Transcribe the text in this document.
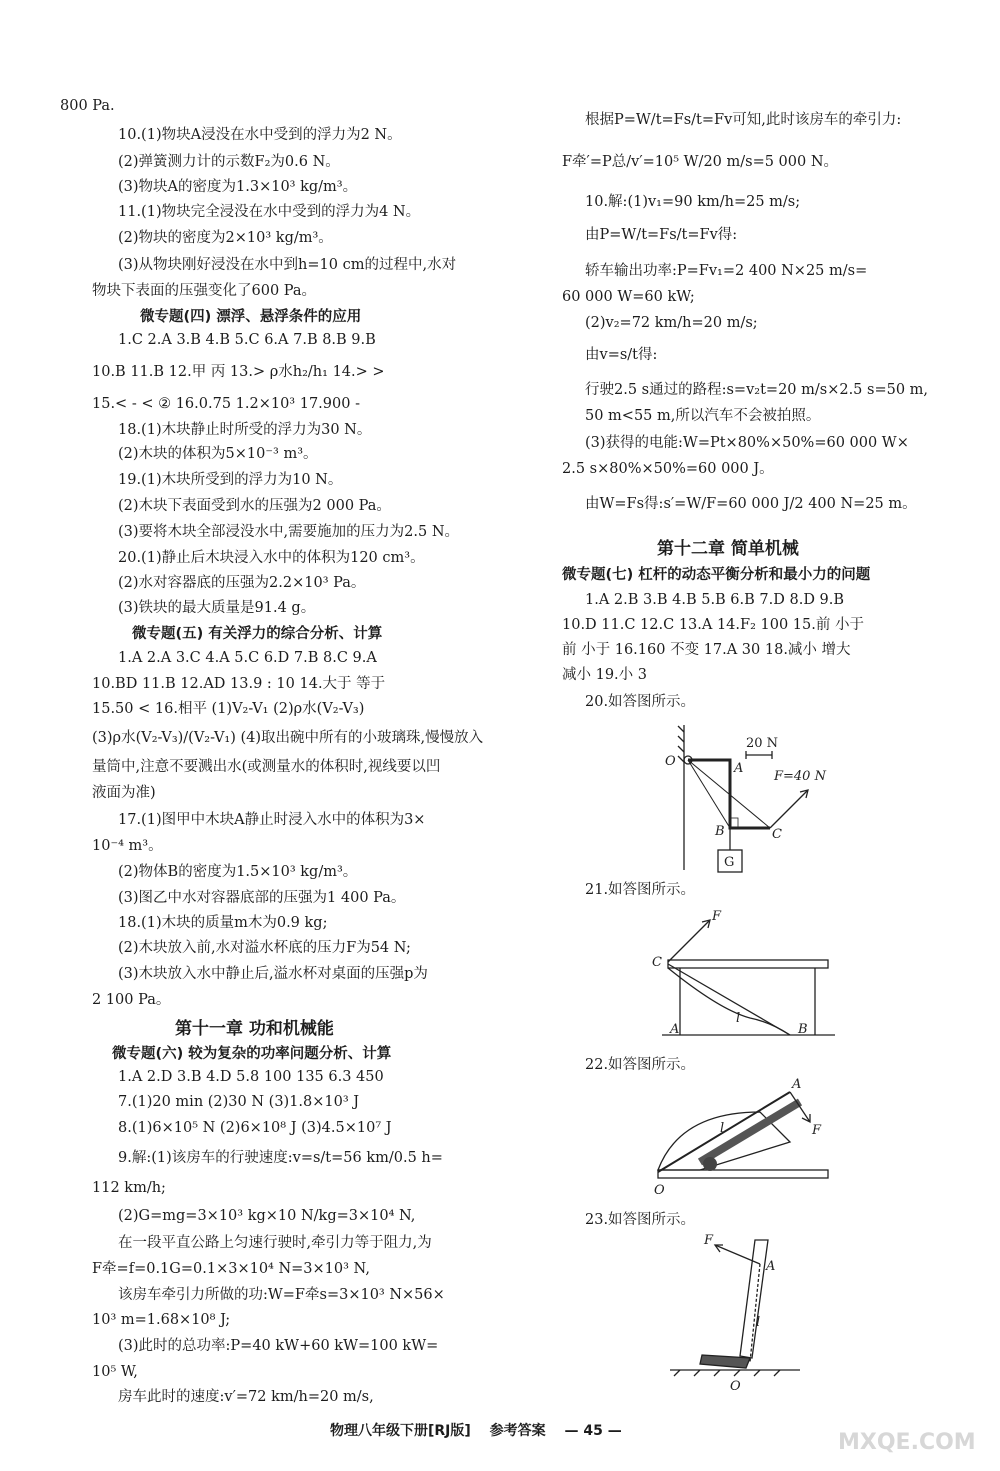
800 Pa.
10.(1)物块A浸没在水中受到的浮力为2 N。
(2)弹簧测力计的示数F₂为0.6 N。
(3)物块A的密度为1.3×10³ kg/m³。
11.(1)物块完全浸没在水中受到的浮力为4 N。
(2)物块的密度为2×10³ kg/m³。
(3)从物块刚好浸没在水中到h=10 cm的过程中,水对
物块下表面的压强变化了600 Pa。
微专题(四) 漂浮、悬浮条件的应用
1.C 2.A 3.B 4.B 5.C 6.A 7.B 8.B 9.B
10.B 11.B 12.甲 丙 13.> ρ水h₂/h₁ 14.> >
15.< - < ② 16.0.75 1.2×10³ 17.900 -
18.(1)木块静止时所受的浮力为30 N。
(2)木块的体积为5×10⁻³ m³。
19.(1)木块所受到的浮力为10 N。
(2)木块下表面受到水的压强为2 000 Pa。
(3)要将木块全部浸没水中,需要施加的压力为2.5 N。
20.(1)静止后木块浸入水中的体积为120 cm³。
(2)水对容器底的压强为2.2×10³ Pa。
(3)铁块的最大质量是91.4 g。
微专题(五) 有关浮力的综合分析、计算
1.A 2.A 3.C 4.A 5.C 6.D 7.B 8.C 9.A
10.BD 11.B 12.AD 13.9 : 10 14.大于 等于
15.50 < 16.相平 (1)V₂-V₁ (2)ρ水(V₂-V₃)
(3)ρ水(V₂-V₃)/(V₂-V₁) (4)取出碗中所有的小玻璃珠,慢慢放入
量筒中,注意不要溅出水(或测量水的体积时,视线要以凹
液面为准)
17.(1)图甲中木块A静止时浸入水中的体积为3×
10⁻⁴ m³。
(2)物体B的密度为1.5×10³ kg/m³。
(3)图乙中水对容器底部的压强为1 400 Pa。
18.(1)木块的质量m木为0.9 kg;
(2)木块放入前,水对溢水杯底的压力F为54 N;
(3)木块放入水中静止后,溢水杯对桌面的压强p为
2 100 Pa。
第十一章 功和机械能
微专题(六) 较为复杂的功率问题分析、计算
1.A 2.D 3.B 4.D 5.8 100 135 6.3 450
7.(1)20 min (2)30 N (3)1.8×10³ J
8.(1)6×10⁵ N (2)6×10⁸ J (3)4.5×10⁷ J
9.解:(1)该房车的行驶速度:v=s/t=56 km/0.5 h=
112 km/h;
(2)G=mg=3×10³ kg×10 N/kg=3×10⁴ N,
在一段平直公路上匀速行驶时,牵引力等于阻力,为
F牵=f=0.1G=0.1×3×10⁴ N=3×10³ N,
该房车牵引力所做的功:W=F牵s=3×10³ N×56×
10³ m=1.68×10⁸ J;
(3)此时的总功率:P=40 kW+60 kW=100 kW=
10⁵ W,
房车此时的速度:v′=72 km/h=20 m/s,
根据P=W/t=Fs/t=Fv可知,此时该房车的牵引力:
F牵′=P总/v′=10⁵ W/20 m/s=5 000 N。
10.解:(1)v₁=90 km/h=25 m/s;
由P=W/t=Fs/t=Fv得:
轿车输出功率:P=Fv₁=2 400 N×25 m/s=
60 000 W=60 kW;
(2)v₂=72 km/h=20 m/s;
由v=s/t得:
行驶2.5 s通过的路程:s=v₂t=20 m/s×2.5 s=50 m,
50 m<55 m,所以汽车不会被拍照。
(3)获得的电能:W=Pt×80%×50%=60 000 W×
2.5 s×80%×50%=60 000 J。
由W=Fs得:s′=W/F=60 000 J/2 400 N=25 m。
第十二章 简单机械
微专题(七) 杠杆的动态平衡分析和最小力的问题
1.A 2.B 3.B 4.B 5.B 6.B 7.D 8.D 9.B
10.D 11.C 12.C 13.A 14.F₂ 100 15.前 小于
前 小于 16.160 不变 17.A 30 18.减小 增大
减小 19.小 3
20.如答图所示。
21.如答图所示。
22.如答图所示。
23.如答图所示。
O	A
B	C
G
20 N
F=40 N
C
F
A	B
l
A
F
l
O
F
A
l
O
物理八年级下册[RJ版] 参考答案 — 45 —	MXQE.COM
